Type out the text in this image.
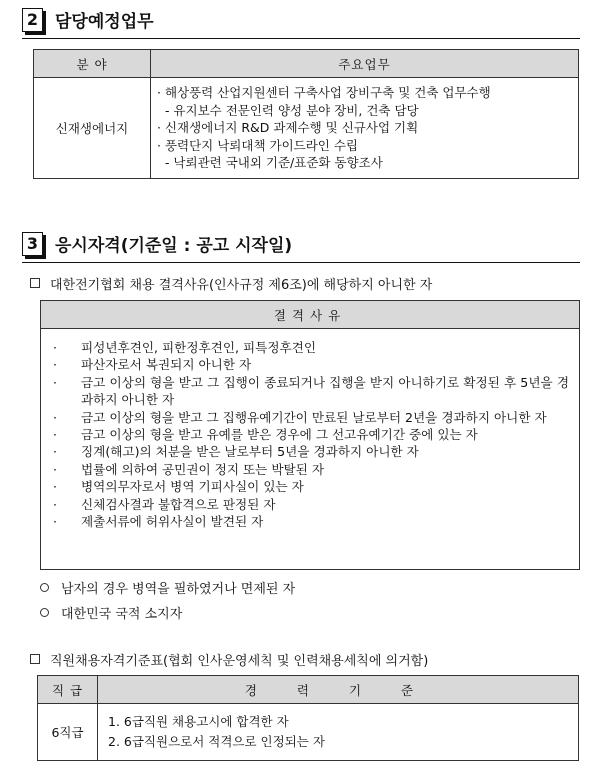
2 담당예정업무
분 야	주요업무
신재생에너지	· 해상풍력 산업지원센터 구축사업 장비구축 및 건축 업무수행
- 유지보수 전문인력 양성 분야 장비, 건축 담당
· 신재생에너지 R&D 과제수행 및 신규사업 기획
· 풍력단지 낙뢰대책 가이드라인 수립
- 낙뢰관련 국내외 기준/표준화 동향조사
3 응시자격(기준일 : 공고 시작일)
대한전기협회 채용 결격사유(인사규정 제6조)에 해당하지 아니한 자
결격사유
·	피성년후견인, 피한정후견인, 피특정후견인
·	파산자로서 복권되지 아니한 자
·	금고 이상의 형을 받고 그 집행이 종료되거나 집행을 받지 아니하기로 확정된 후 5년을 경과하지 아니한 자
·	금고 이상의 형을 받고 그 집행유예기간이 만료된 날로부터 2년을 경과하지 아니한 자
·	금고 이상의 형을 받고 유예를 받은 경우에 그 선고유예기간 중에 있는 자
·	징계(해고)의 처분을 받은 날로부터 5년을 경과하지 아니한 자
·	법률에 의하여 공민권이 정지 또는 박탈된 자
·	병역의무자로서 병역 기피사실이 있는 자
·	신체검사결과 불합격으로 판정된 자
·	제출서류에 허위사실이 발견된 자
남자의 경우 병역을 필하였거나 면제된 자
대한민국 국적 소지자
직원채용자격기준표(협회 인사운영세칙 및 인력채용세칙에 의거함)
직 급	경 력 기 준
6직급	1. 6급직원 채용고시에 합격한 자
2. 6급직원으로서 적격으로 인정되는 자
